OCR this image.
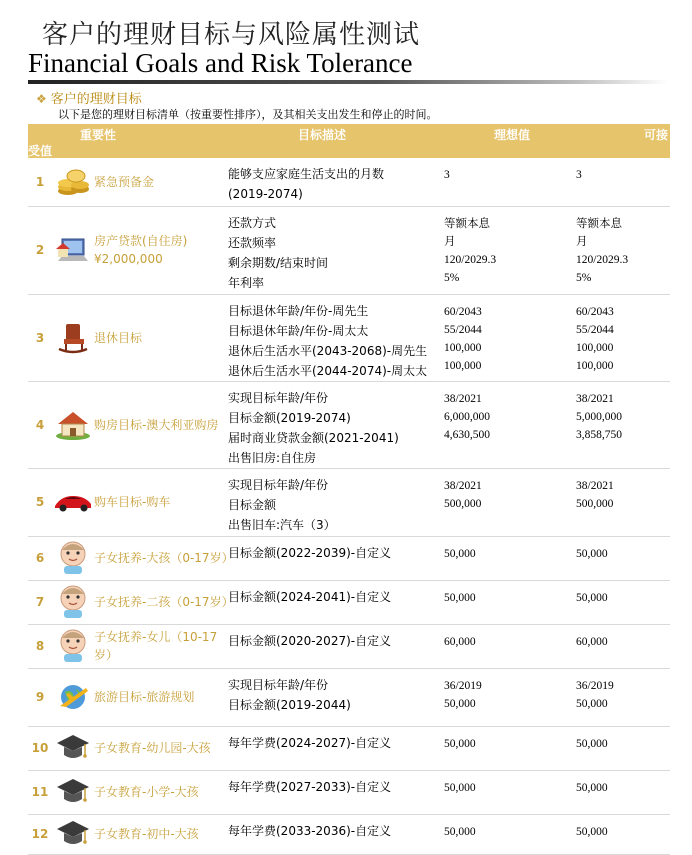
客户的理财目标与风险属性测试
Financial Goals and Risk Tolerance
❖ 客户的理财目标
以下是您的理财目标清单（按重要性排序），及其相关支出发生和停止的时间。
重要性	目标描述	理想值	可接
受值
1		紧急预备金	能够支应家庭生活支出的月数
(2019-2074)	3	3

2		房产贷款(自住房)¥2,000,000	还款方式
还款频率
剩余期数/结束时间
年利率	等额本息
月
120/2029.3
5%	等额本息
月
120/2029.3
5%

3		退休目标	目标退休年龄/年份-周先生
目标退休年龄/年份-周太太
退休后生活水平(2043-2068)-周先生
退休后生活水平(2044-2074)-周太太	60/2043
55/2044
100,000
100,000	60/2043
55/2044
100,000
100,000

4		购房目标-澳大利亚购房	实现目标年龄/年份
目标金额(2019-2074)
届时商业贷款金额(2021-2041)
出售旧房:自住房	38/2021
6,000,000
4,630,500	38/2021
5,000,000
3,858,750

5		购车目标-购车	实现目标年龄/年份
目标金额
出售旧车:汽车（3）	38/2021
500,000	38/2021
500,000

6		子女抚养-大孩（0-17岁）	目标金额(2022-2039)-自定义	50,000	50,000

7		子女抚养-二孩（0-17岁）	目标金额(2024-2041)-自定义	50,000	50,000

8		子女抚养-女儿（10-17岁）	目标金额(2020-2027)-自定义	60,000	60,000

9		旅游目标-旅游规划	实现目标年龄/年份
目标金额(2019-2044)	36/2019
50,000	36/2019
50,000

10		子女教育-幼儿园-大孩	每年学费(2024-2027)-自定义	50,000	50,000

11		子女教育-小学-大孩	每年学费(2027-2033)-自定义	50,000	50,000

12		子女教育-初中-大孩	每年学费(2033-2036)-自定义	50,000	50,000
